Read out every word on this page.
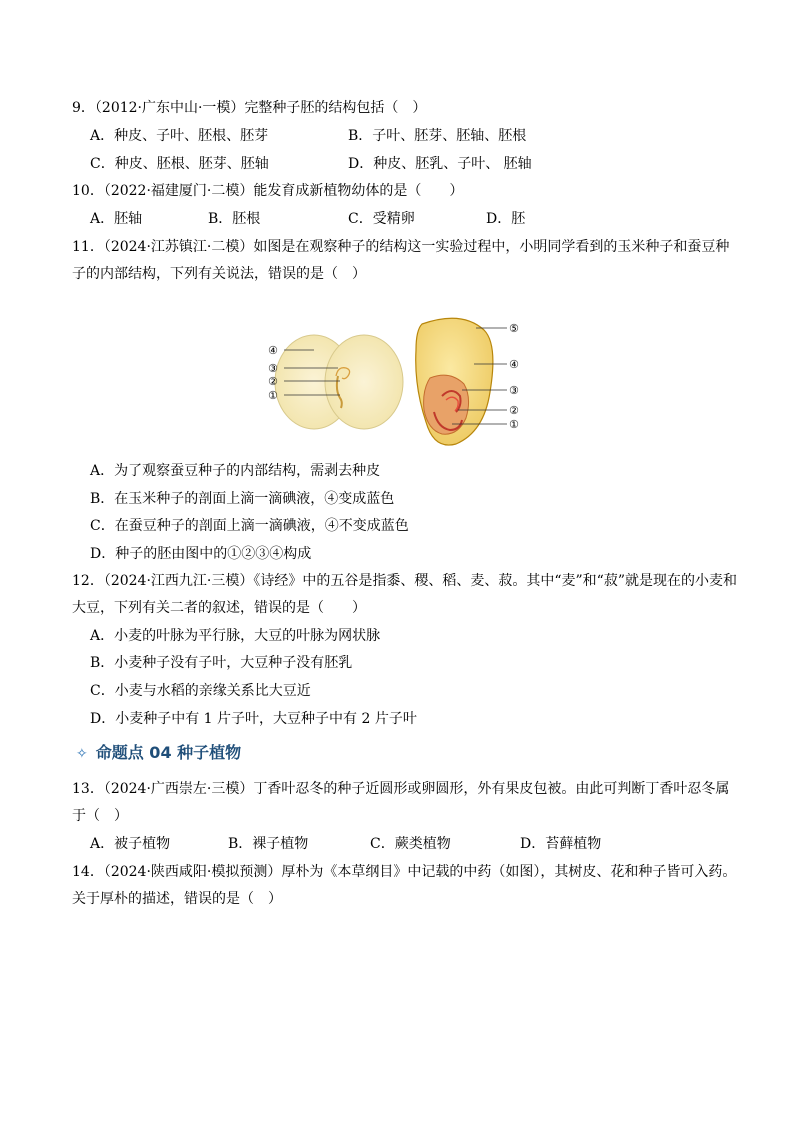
9．（2012·广东中山·一模）完整种子胚的结构包括（　）
A．种皮、子叶、胚根、胚芽	B．子叶、胚芽、胚轴、胚根
C．种皮、胚根、胚芽、胚轴	D．种皮、胚乳、子叶、 胚轴
10．（2022·福建厦门·二模）能发育成新植物幼体的是（　　）
A．胚轴	B．胚根	C．受精卵	D．胚
11．（2024·江苏镇江·二模）如图是在观察种子的结构这一实验过程中，小明同学看到的玉米种子和蚕豆种
子的内部结构，下列有关说法，错误的是（　）
④
③
②
①
⑤
④
③
②
①
A．为了观察蚕豆种子的内部结构，需剥去种皮
B．在玉米种子的剖面上滴一滴碘液，④变成蓝色
C．在蚕豆种子的剖面上滴一滴碘液，④不变成蓝色
D．种子的胚由图中的①②③④构成
12．（2024·江西九江·三模）《诗经》中的五谷是指黍、稷、稻、麦、菽。其中“麦”和“菽”就是现在的小麦和
大豆，下列有关二者的叙述，错误的是（　　）
A．小麦的叶脉为平行脉，大豆的叶脉为网状脉
B．小麦种子没有子叶，大豆种子没有胚乳
C．小麦与水稻的亲缘关系比大豆近
D．小麦种子中有 1 片子叶，大豆种子中有 2 片子叶
✧ 命题点 04 种子植物
13．（2024·广西崇左·三模）丁香叶忍冬的种子近圆形或卵圆形，外有果皮包被。由此可判断丁香叶忍冬属
于（　）
A．被子植物	B．裸子植物	C．蕨类植物	D．苔藓植物
14．（2024·陕西咸阳·模拟预测）厚朴为《本草纲目》中记载的中药（如图），其树皮、花和种子皆可入药。
关于厚朴的描述，错误的是（　）
